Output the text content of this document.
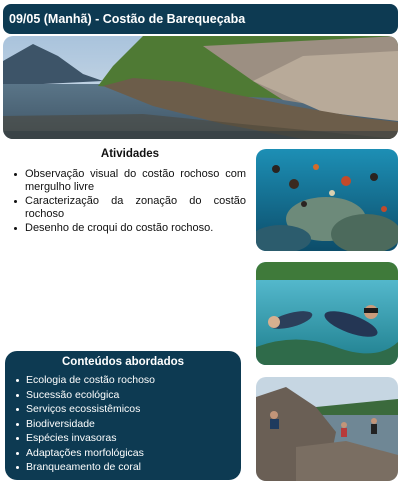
09/05 (Manhã) - Costão de Barequeçaba
Atividades
Observação visual do costão rochoso com mergulho livre
Caracterização da zonação do costão rochoso
Desenho de croqui do costão rochoso.
Conteúdos abordados
Ecologia de costão rochoso
Sucessão ecológica
Serviços ecossistêmicos
Biodiversidade
Espécies invasoras
Adaptações morfológicas
Branqueamento de coral
